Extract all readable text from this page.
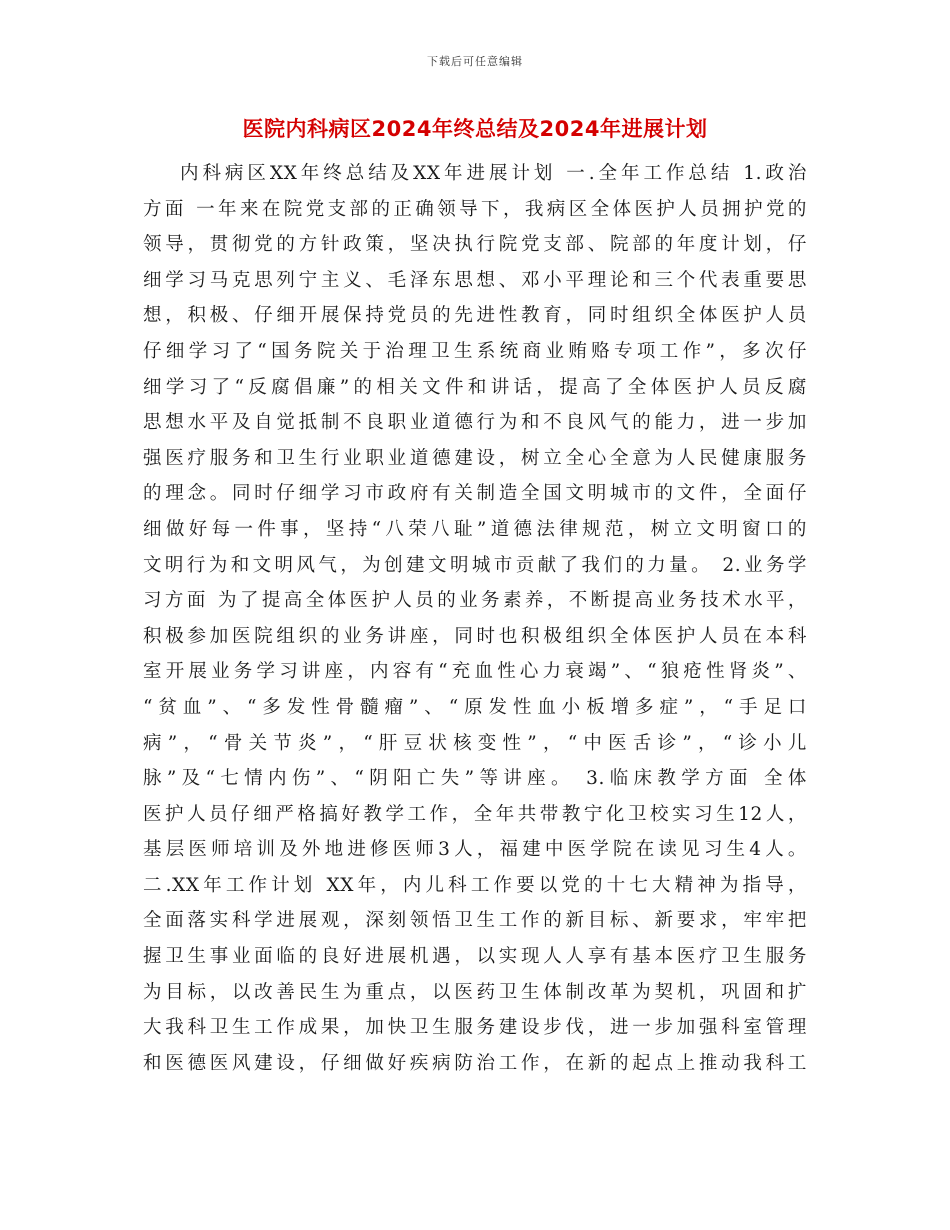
下载后可任意编辑
医院内科病区2024年终总结及2024年进展计划
内科病区XX年终总结及XX年进展计划 一.全年工作总结 1.政治
方面 一年来在院党支部的正确领导下，我病区全体医护人员拥护党的
领导，贯彻党的方针政策，坚决执行院党支部、院部的年度计划，仔
细学习马克思列宁主义、毛泽东思想、邓小平理论和三个代表重要思
想，积极、仔细开展保持党员的先进性教育，同时组织全体医护人员
仔细学习了“国务院关于治理卫生系统商业贿赂专项工作”，多次仔
细学习了“反腐倡廉”的相关文件和讲话，提高了全体医护人员反腐
思想水平及自觉抵制不良职业道德行为和不良风气的能力，进一步加
强医疗服务和卫生行业职业道德建设，树立全心全意为人民健康服务
的理念。同时仔细学习市政府有关制造全国文明城市的文件，全面仔
细做好每一件事，坚持“八荣八耻”道德法律规范，树立文明窗口的
文明行为和文明风气，为创建文明城市贡献了我们的力量。 2.业务学
习方面 为了提高全体医护人员的业务素养，不断提高业务技术水平，
积极参加医院组织的业务讲座，同时也积极组织全体医护人员在本科
室开展业务学习讲座，内容有“充血性心力衰竭”、“狼疮性肾炎”、
“贫血”、“多发性骨髓瘤”、“原发性血小板增多症”，“手足口
病”，“骨关节炎”，“肝豆状核变性”，“中医舌诊”，“诊小儿
脉”及“七情内伤”、“阴阳亡失”等讲座。 3.临床教学方面 全体
医护人员仔细严格搞好教学工作，全年共带教宁化卫校实习生12人，
基层医师培训及外地进修医师3人，福建中医学院在读见习生4人。
二.XX年工作计划 XX年，内儿科工作要以党的十七大精神为指导，
全面落实科学进展观，深刻领悟卫生工作的新目标、新要求，牢牢把
握卫生事业面临的良好进展机遇，以实现人人享有基本医疗卫生服务
为目标，以改善民生为重点，以医药卫生体制改革为契机，巩固和扩
大我科卫生工作成果，加快卫生服务建设步伐，进一步加强科室管理
和医德医风建设，仔细做好疾病防治工作，在新的起点上推动我科工
